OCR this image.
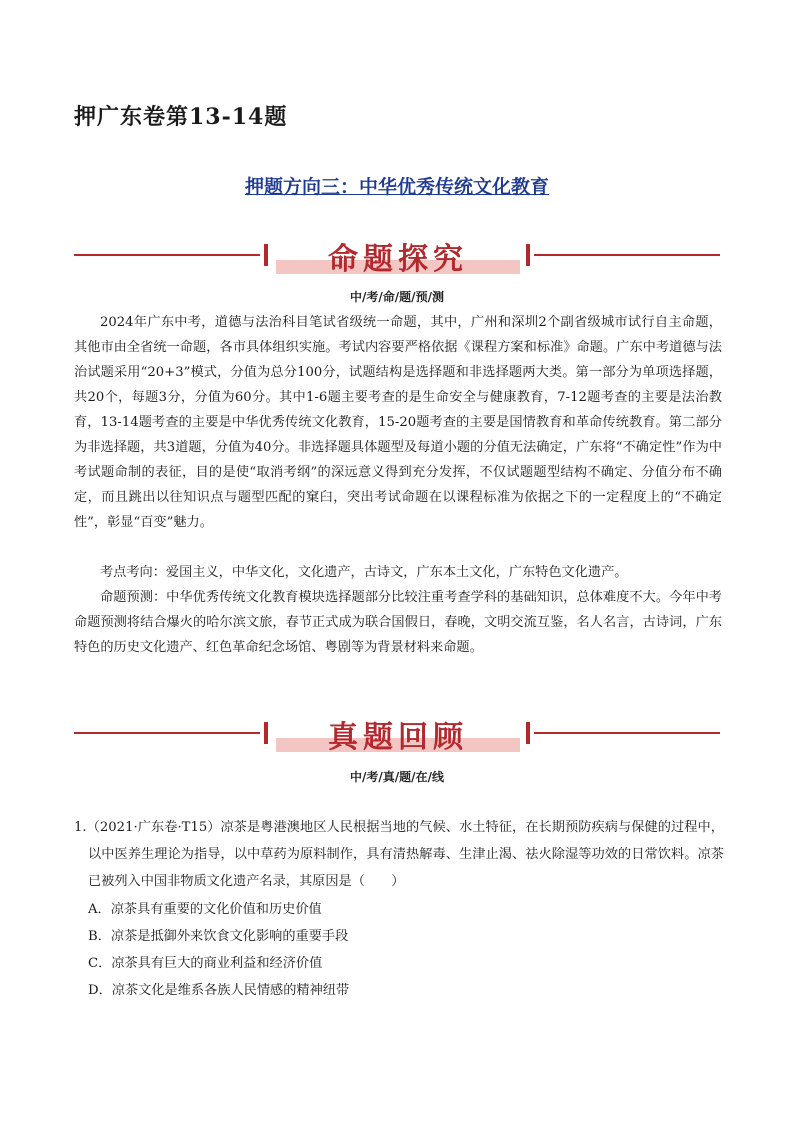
押广东卷第13-14题
押题方向三：中华优秀传统文化教育
命题探究
中/考/命/题/预/测

2024年广东中考，道德与法治科目笔试省级统一命题，其中，广州和深圳2个副省级城市试行自主命题，其他市由全省统一命题，各市具体组织实施。考试内容要严格依据《课程方案和标准》命题。广东中考道德与法治试题采用“20+3”模式，分值为总分100分，试题结构是选择题和非选择题两大类。第一部分为单项选择题，共20个，每题3分，分值为60分。其中1-6题主要考查的是生命安全与健康教育，7-12题考查的主要是法治教育，13-14题考查的主要是中华优秀传统文化教育，15-20题考查的主要是国情教育和革命传统教育。第二部分为非选择题，共3道题，分值为40分。非选择题具体题型及每道小题的分值无法确定，广东将“不确定性”作为中考试题命制的表征，目的是使“取消考纲”的深远意义得到充分发挥，不仅试题题型结构不确定、分值分布不确定，而且跳出以往知识点与题型匹配的窠臼，突出考试命题在以课程标准为依据之下的一定程度上的“不确定性”，彰显“百变”魅力。

考点考向：爱国主义，中华文化，文化遗产，古诗文，广东本土文化，广东特色文化遗产。

命题预测：中华优秀传统文化教育模块选择题部分比较注重考查学科的基础知识，总体难度不大。今年中考命题预测将结合爆火的哈尔滨文旅，春节正式成为联合国假日，春晚，文明交流互鉴，名人名言，古诗词，广东特色的历史文化遗产、红色革命纪念场馆、粤剧等为背景材料来命题。

真题回顾
中/考/真/题/在/线
1.（2021·广东卷·T15）凉茶是粤港澳地区人民根据当地的气候、水土特征，在长期预防疾病与保健的过程中，以中医养生理论为指导，以中草药为原料制作，具有清热解毒、生津止渴、祛火除湿等功效的日常饮料。凉茶已被列入中国非物质文化遗产名录，其原因是（　　）
A．凉茶具有重要的文化价值和历史价值
B．凉茶是抵御外来饮食文化影响的重要手段
C．凉茶具有巨大的商业利益和经济价值
D．凉茶文化是维系各族人民情感的精神纽带
